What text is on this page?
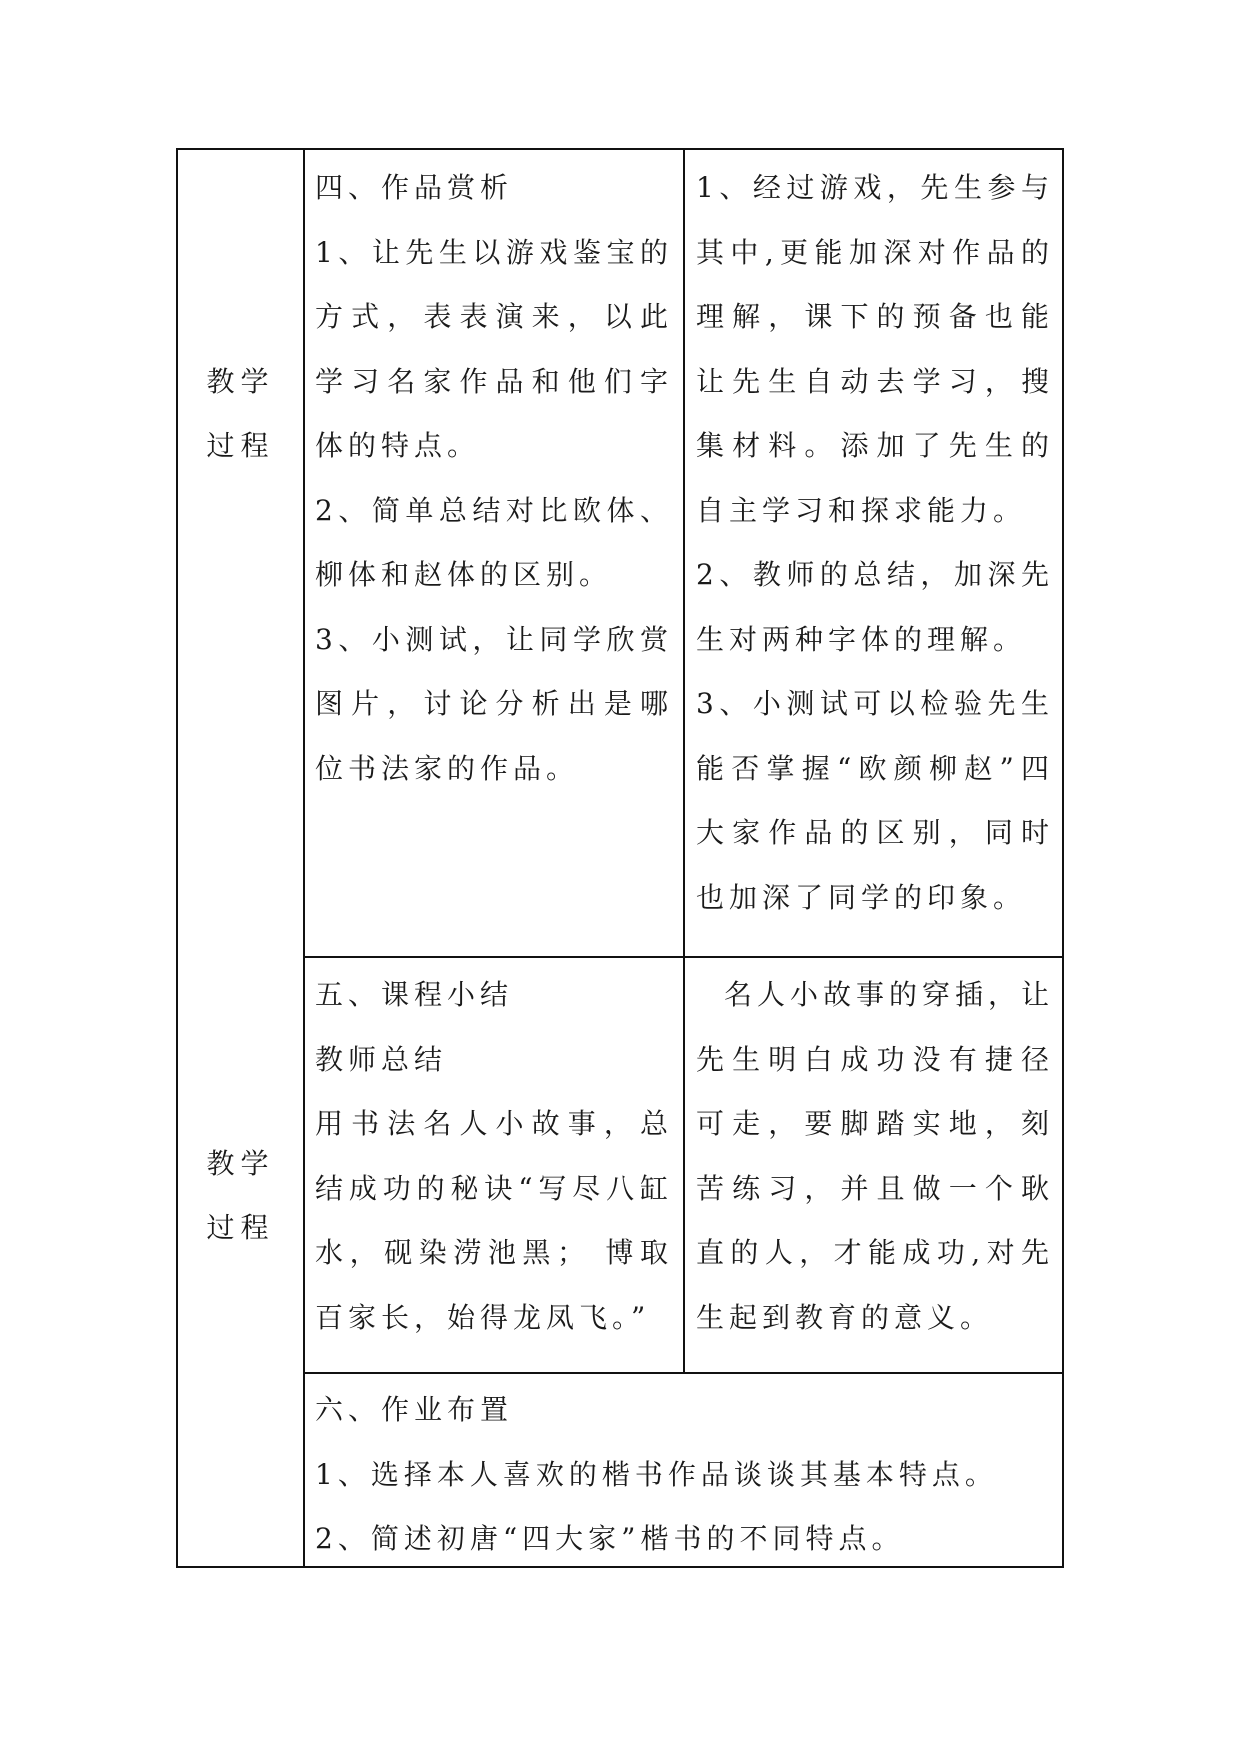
教学
过程

四、作品赏析

1、让先生以游戏鉴宝的方式，表表演来，以此学习名家作品和他们字体的特点。

2、简单总结对比欧体、柳体和赵体的区别。

3、小测试，让同学欣赏图片，讨论分析出是哪位书法家的作品。

1、经过游戏，先生参与其中,更能加深对作品的理解，课下的预备也能让先生自动去学习，搜集材料。添加了先生的自主学习和探求能力。

2、教师的总结，加深先生对两种字体的理解。

3、小测试可以检验先生能否掌握“欧颜柳赵”四大家作品的区别，同时也加深了同学的印象。

教学
过程

五、课程小结

教师总结

用书法名人小故事，总结成功的秘诀“写尽八缸水，砚染涝池黑； 博取百家长，始得龙凤飞。”

名人小故事的穿插，让先生明白成功没有捷径可走，要脚踏实地，刻苦练习，并且做一个耿直的人，才能成功,对先生起到教育的意义。

六、作业布置

1、选择本人喜欢的楷书作品谈谈其基本特点。

2、简述初唐“四大家”楷书的不同特点。
